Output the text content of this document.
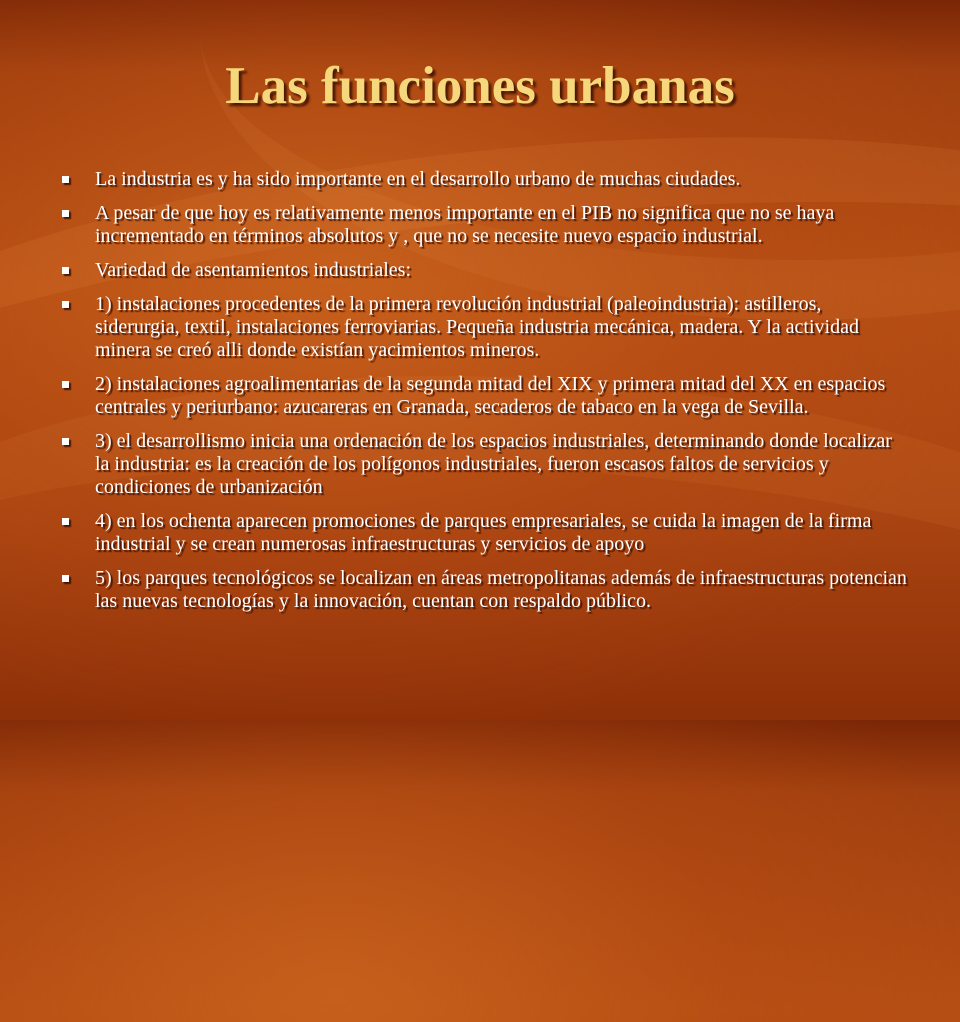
Las funciones urbanas
La industria es y ha sido importante en el desarrollo urbano de muchas ciudades.
A pesar de que hoy es relativamente menos importante en el PIB no significa que no se haya incrementado en términos absolutos y , que no se necesite nuevo espacio industrial.
Variedad de asentamientos industriales:
1) instalaciones procedentes de la primera revolución industrial (paleoindustria): astilleros, siderurgia, textil, instalaciones ferroviarias. Pequeña industria mecánica, madera. Y la actividad minera se creó alli donde existían yacimientos mineros.
2) instalaciones agroalimentarias de la segunda mitad del XIX y primera mitad del XX en espacios centrales y periurbano: azucareras en Granada, secaderos de tabaco en la vega de Sevilla.
3) el desarrollismo inicia una ordenación de los espacios industriales, determinando donde localizar la industria: es la creación de los polígonos industriales, fueron escasos faltos de servicios y condiciones de urbanización
4) en los ochenta aparecen promociones de parques empresariales, se cuida la imagen de la firma industrial y se crean numerosas infraestructuras y servicios de apoyo
5) los parques tecnológicos se localizan en áreas metropolitanas además de infraestructuras potencian las nuevas tecnologías y la innovación, cuentan con respaldo público.
